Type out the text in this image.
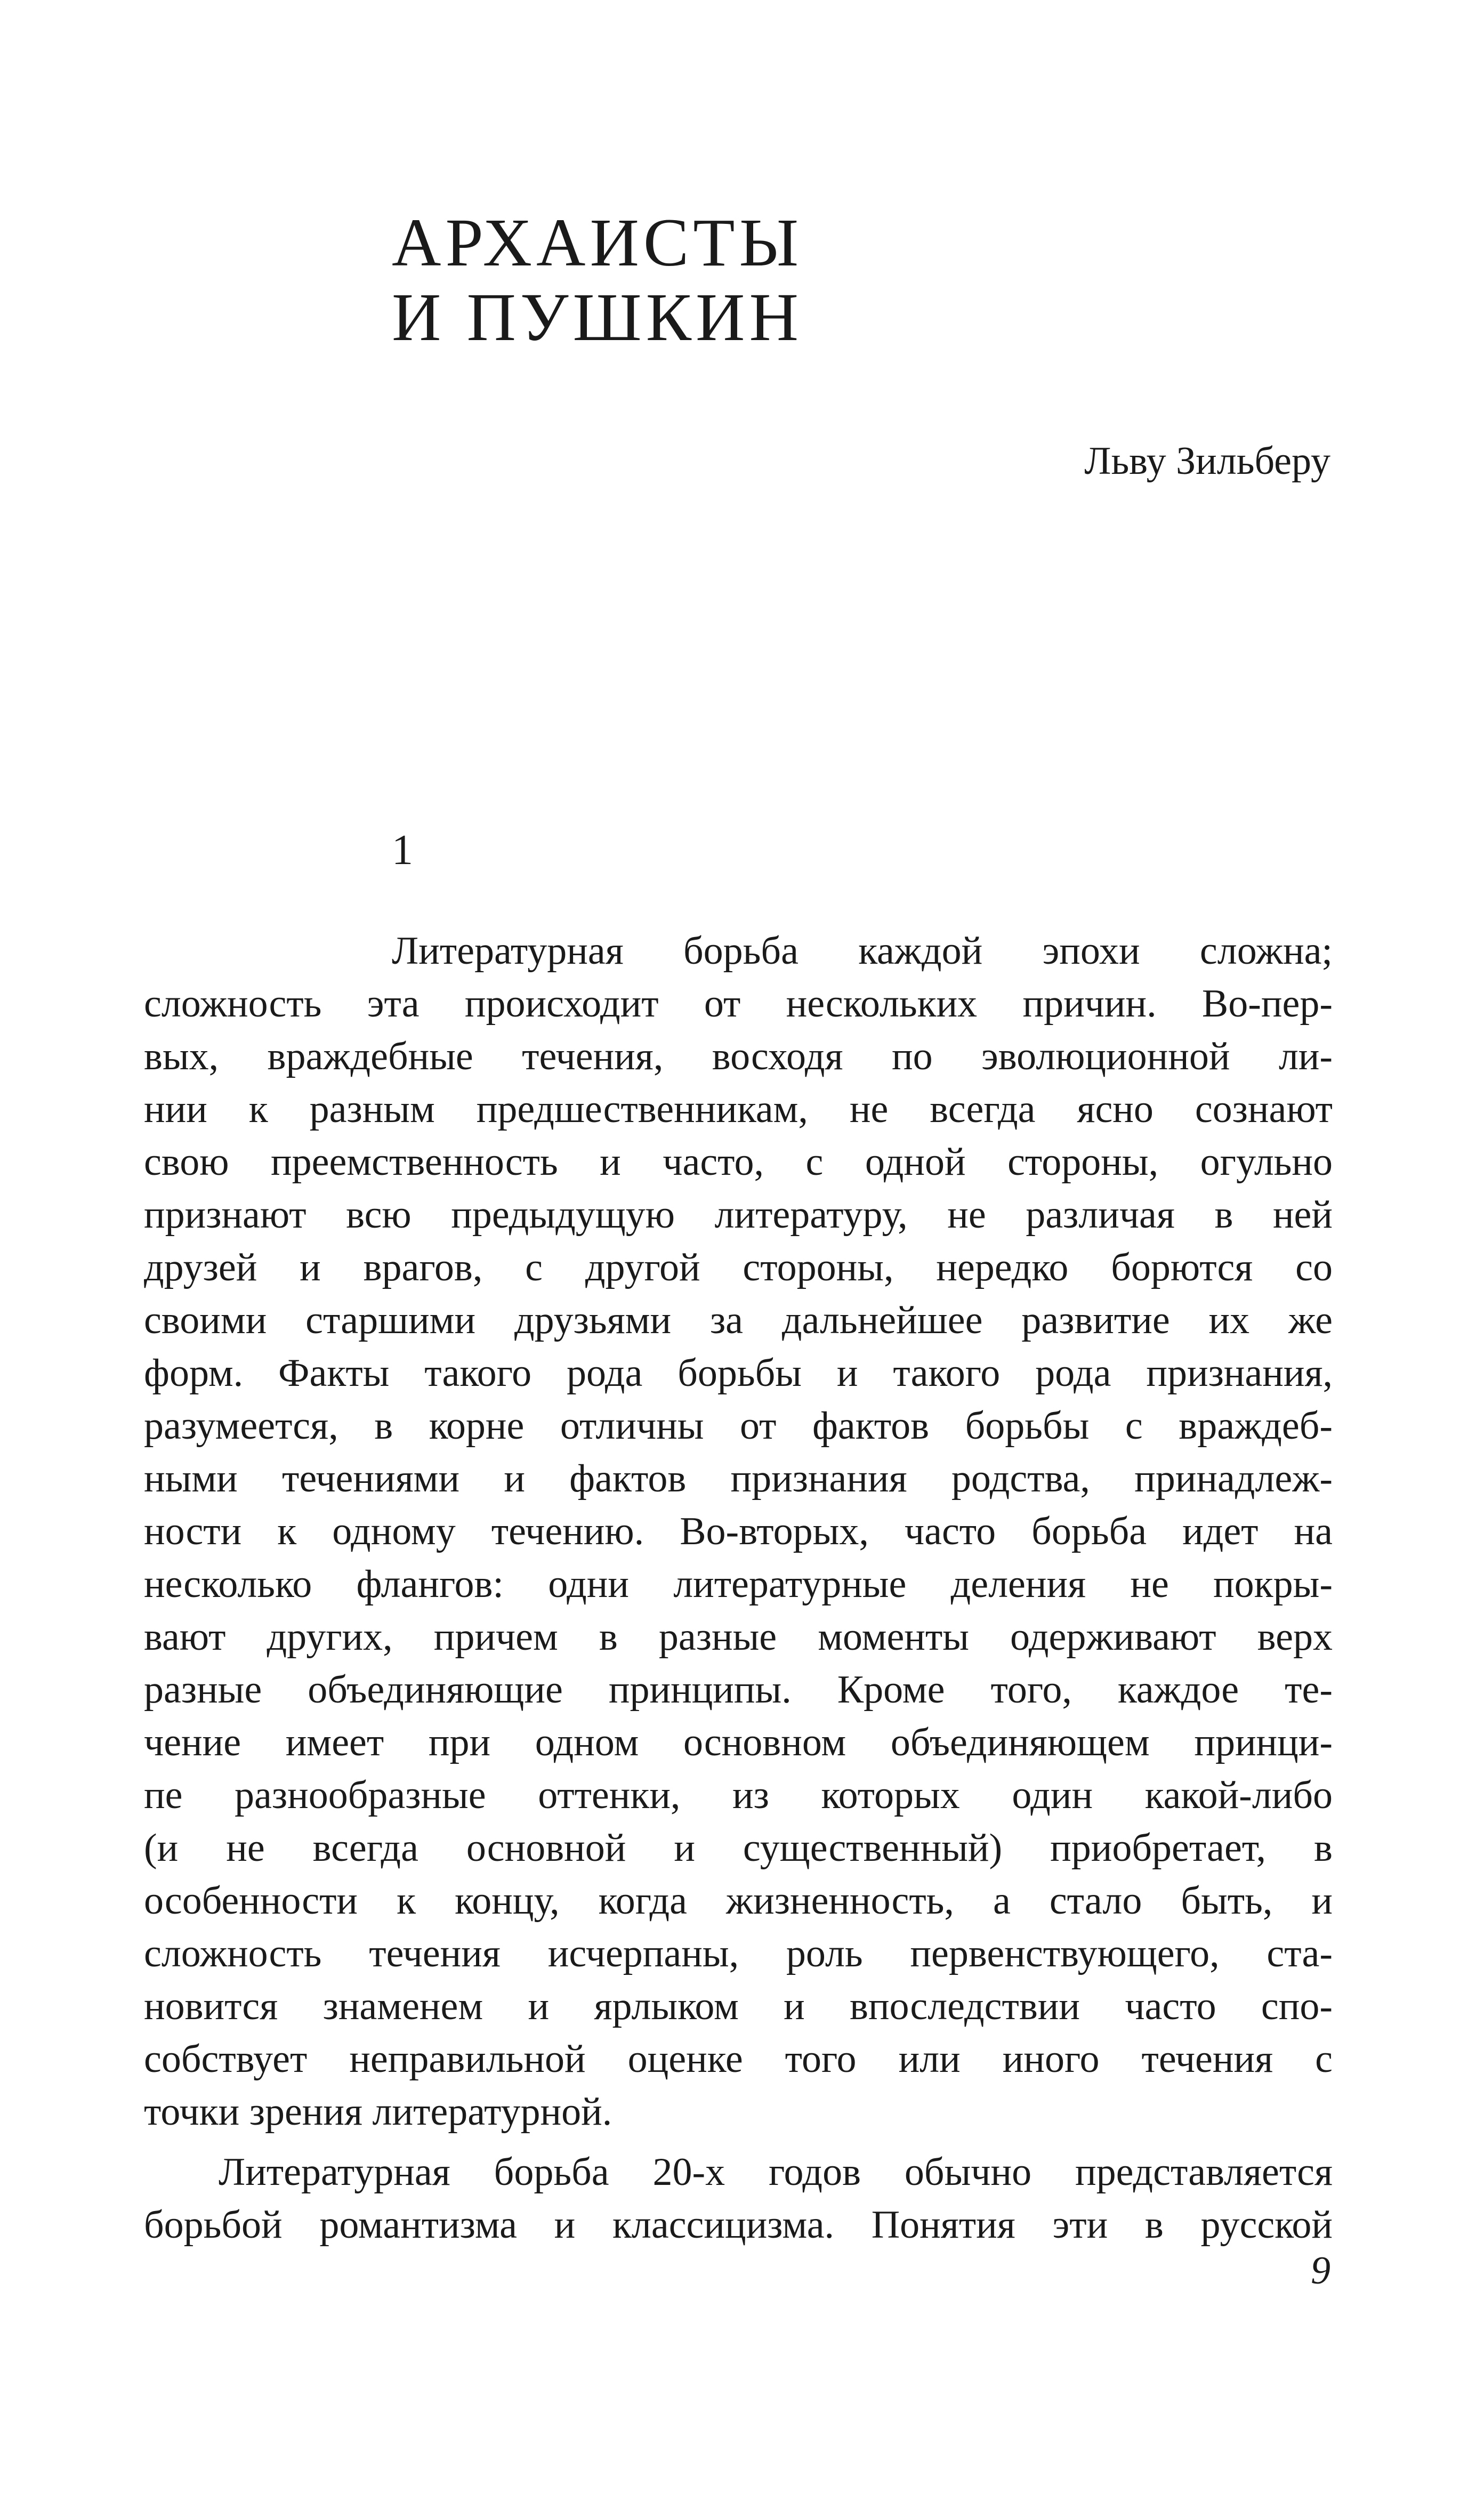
АРХАИСТЫ
И ПУШКИН
Льву Зильберу
1
Литературная борьба каждой эпохи сложна;
сложность эта происходит от нескольких причин. Во-пер-
вых, враждебные течения, восходя по эволюционной ли-
нии к разным предшественникам, не всегда ясно сознают
свою преемственность и часто, с одной стороны, огульно
признают всю предыдущую литературу, не различая в ней
друзей и врагов, с другой стороны, нередко борются со
своими старшими друзьями за дальнейшее развитие их же
форм. Факты такого рода борьбы и такого рода признания,
разумеется, в корне отличны от фактов борьбы с враждеб-
ными течениями и фактов признания родства, принадлеж-
ности к одному течению. Во-вторых, часто борьба идет на
несколько флангов: одни литературные деления не покры-
вают других, причем в разные моменты одерживают верх
разные объединяющие принципы. Кроме того, каждое те-
чение имеет при одном основном объединяющем принци-
пе разнообразные оттенки, из которых один какой-либо
(и не всегда основной и существенный) приобретает, в
особенности к концу, когда жизненность, а стало быть, и
сложность течения исчерпаны, роль первенствующего, ста-
новится знаменем и ярлыком и впоследствии часто спо-
собствует неправильной оценке того или иного течения с
точки зрения литературной.
Литературная борьба 20-х годов обычно представляется
борьбой романтизма и классицизма. Понятия эти в русской
9
